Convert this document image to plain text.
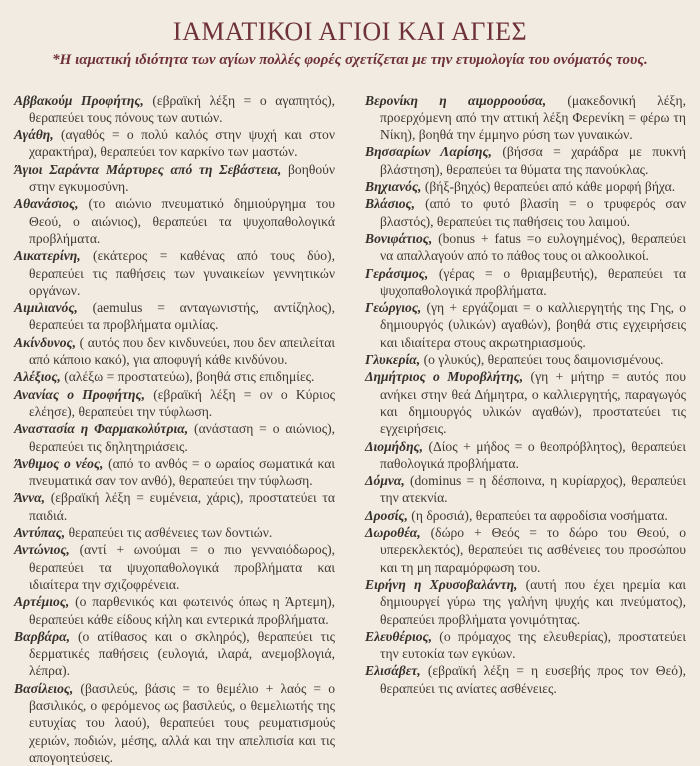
ΙΑΜΑΤΙΚΟΙ ΑΓΙΟΙ ΚΑΙ ΑΓΙΕΣ

*Η ιαματική ιδιότητα των αγίων πολλές φορές σχετίζεται με την ετυμολογία του ονόματός τους.

Αββακούμ Προφήτης, (εβραϊκή λέξη = ο αγαπητός), θεραπεύει τους πόνους των αυτιών.

Αγάθη, (αγαθός = ο πολύ καλός στην ψυχή και στον χαρακτήρα), θεραπεύει τον καρκίνο των μαστών.

Άγιοι Σαράντα Μάρτυρες από τη Σεβάστεια, βοηθούν στην εγκυμοσύνη.

Αθανάσιος, (το αιώνιο πνευματικό δημιούργημα του Θεού, ο αιώνιος), θεραπεύει τα ψυχοπαθολογικά προβλήματα.

Αικατερίνη, (εκάτερος = καθένας από τους δύο), θεραπεύει τις παθήσεις των γυναικείων γεννητικών οργάνων.

Αιμιλιανός, (aemulus = ανταγωνιστής, αντίζηλος), θεραπεύει τα προβλήματα ομιλίας.

Ακίνδυνος, ( αυτός που δεν κινδυνεύει, που δεν απειλείται από κάποιο κακό), για αποφυγή κάθε κινδύνου.

Αλέξιος, (αλέξω = προστατεύω), βοηθά στις επιδημίες.

Ανανίας ο Προφήτης, (εβραϊκή λέξη = ον ο Κύριος ελέησε), θεραπεύει την τύφλωση.

Αναστασία η Φαρμακολύτρια, (ανάσταση = ο αιώνιος), θεραπεύει τις δηλητηριάσεις.

Άνθιμος ο νέος, (από το ανθός = ο ωραίος σωματικά και πνευματικά σαν τον ανθό), θεραπεύει την τύφλωση.

Άννα, (εβραϊκή λέξη = ευμένεια, χάρις), προστατεύει τα παιδιά.

Αντύπας, θεραπεύει τις ασθένειες των δοντιών.

Αντώνιος, (αντί + ωνούμαι = ο πιο γενναιόδωρος), θεραπεύει τα ψυχοπαθολογικά προβλήματα και ιδιαίτερα την σχιζοφρένεια.

Αρτέμιος, (ο παρθενικός και φωτεινός όπως η Άρτεμη), θεραπεύει κάθε είδους κήλη και εντερικά προβλήματα.

Βαρβάρα, (ο ατίθασος και ο σκληρός), θεραπεύει τις δερματικές παθήσεις (ευλογιά, ιλαρά, ανεμοβλογιά, λέπρα).

Βασίλειος, (βασιλεύς, βάσις = το θεμέλιο + λαός = ο βασιλικός, ο φερόμενος ως βασιλεύς, ο θεμελιωτής της ευτυχίας του λαού), θεραπεύει τους ρευματισμούς χεριών, ποδιών, μέσης, αλλά και την απελπισία και τις απογοητεύσεις.

Βερονίκη η αιμορροούσα, (μακεδονική λέξη, προερχόμενη από την αττική λέξη Φερενίκη = φέρω τη Νίκη), βοηθά την έμμηνο ρύση των γυναικών.

Βησσαρίων Λαρίσης, (βήσσα = χαράδρα με πυκνή βλάστηση), θεραπεύει τα θύματα της πανούκλας.

Βηχιανός, (βήξ-βηχός) θεραπεύει από κάθε μορφή βήχα.

Βλάσιος, (από το φυτό βλασίη = ο τρυφερός σαν βλαστός), θεραπεύει τις παθήσεις του λαιμού.

Βονιφάτιος, (bonus + fatus =ο ευλογημένος), θεραπεύει να απαλλαγούν από το πάθος τους οι αλκοολικοί.

Γεράσιμος, (γέρας = ο θριαμβευτής), θεραπεύει τα ψυχοπαθολογικά προβλήματα.

Γεώργιος, (γη + εργάζομαι = ο καλλιεργητής της Γης, ο δημιουργός (υλικών) αγαθών), βοηθά στις εγχειρήσεις και ιδιαίτερα στους ακρωτηριασμούς.

Γλυκερία, (ο γλυκύς), θεραπεύει τους δαιμονισμένους.

Δημήτριος ο Μυροβλήτης, (γη + μήτηρ = αυτός που ανήκει στην θεά Δήμητρα, ο καλλιεργητής, παραγωγός και δημιουργός υλικών αγαθών), προστατεύει τις εγχειρήσεις.

Διομήδης, (Δίος + μήδος = ο θεοπρόβλητος), θεραπεύει παθολογικά προβλήματα.

Δόμνα, (dominus = η δέσποινα, η κυρίαρχος), θεραπεύει την ατεκνία.

Δροσίς, (η δροσιά), θεραπεύει τα αφροδίσια νοσήματα.

Δωροθέα, (δώρο + Θεός = το δώρο του Θεού, ο υπερεκλεκτός), θεραπεύει τις ασθένειες του προσώπου και τη μη παραμόρφωση του.

Ειρήνη η Χρυσοβαλάντη, (αυτή που έχει ηρεμία και δημιουργεί γύρω της γαλήνη ψυχής και πνεύματος), θεραπεύει προβλήματα γονιμότητας.

Ελευθέριος, (ο πρόμαχος της ελευθερίας), προστατεύει την ευτοκία των εγκύων.

Ελισάβετ, (εβραϊκή λέξη = η ευσεβής προς τον Θεό), θεραπεύει τις ανίατες ασθένειες.
